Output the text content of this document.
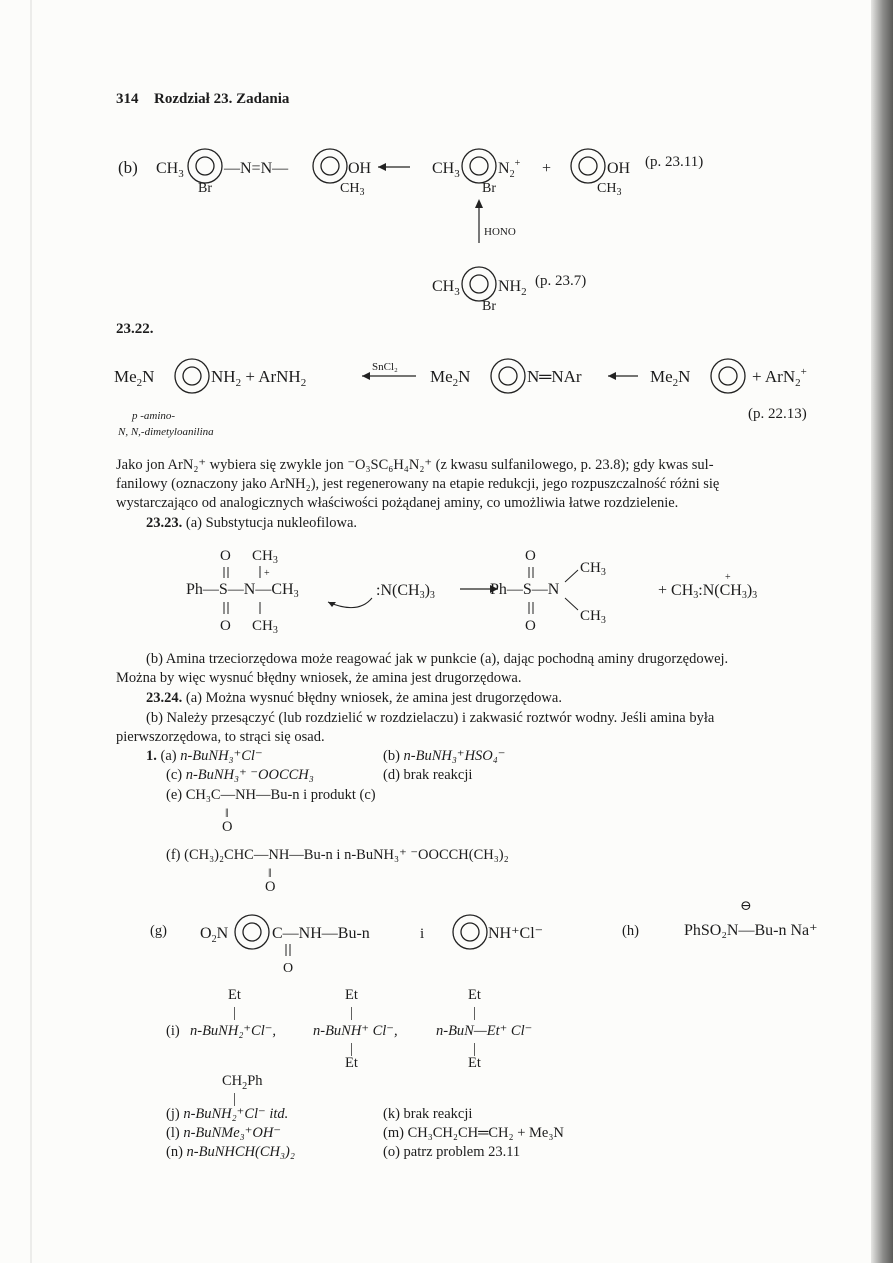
314 Rozdział 23. Zadania
(b) $CH_3$
Br
—N=N—	OH
$CH_3$
$CH_3$ $N_2^+$
Br
+	OH
$CH_3$
HONO
$CH_3$ $NH_2$
Br
(p. 23.11)
(p. 23.7)
23.22.
$Me_2N$	$NH_2$ + ArNH$_2$
SnCl₂ $Me_2N$	N═NAr	$Me_2N$	+ ArN$_2$+
p -amino-
N, N,-dimetyloanilina
(p. 22.13)
Jako jon ArN₂⁺ wybiera się zwykle jon ⁻O₃SC₆H₄N₂⁺ (z kwasu sulfanilowego, p. 23.8); gdy kwas sul-
fanilowy (oznaczony jako ArNH₂), jest regenerowany na etapie redukcji, jego rozpuszczalność różni się
wystarczająco od analogicznych właściwości pożądanej aminy, co umożliwia łatwe rozdzielenie.
23.23. (a) Substytucja nukleofilowa.
O $CH_3$
+
Ph—S—N—CH3	:N(CH3)3
O $CH_3$
O
Ph—S—N
$CH_3$
$CH_3$
O
+ CH3:N(CH3)3
+
(b) Amina trzeciorzędowa może reagować jak w punkcie (a), dając pochodną aminy drugorzędowej.
Można by więc wysnuć błędny wniosek, że amina jest drugorzędowa.
23.24. (a) Można wysnuć błędny wniosek, że amina jest drugorzędowa.
(b) Należy przesączyć (lub rozdzielić w rozdzielaczu) i zakwasić roztwór wodny. Jeśli amina była
pierwszorzędowa, to strąci się osad.
1. (a) n-BuNH₃⁺Cl⁻	(b) n-BuNH₃⁺HSO₄⁻
(c) n-BuNH₃⁺ ⁻OOCCH₃	(d) brak reakcji
(e) CH₃C—NH—Bu-n i produkt (c)
‖
O
(f) (CH₃)₂CHC—NH—Bu-n i n-BuNH₃⁺ ⁻OOCCH(CH₃)₂
‖
O
(g) $O_2N$	C—NH—Bu-n
O
i	NH⁺Cl⁻	(h)	PhSO₂N—Bu-n Na⁺
⊖
Et	Et	Et
|	|	|
(i) n-BuNH₂⁺Cl⁻,	n-BuNH⁺ Cl⁻,	n-BuN—Et⁺ Cl⁻
|	|
Et	Et
$CH_2Ph$
|
(j) n-BuNH₂⁺Cl⁻ itd.	(k) brak reakcji
(l) n-BuNMe₃⁺OH⁻	(m) CH₃CH₂CH═CH₂ + Me₃N
(n) n-BuNHCH(CH₃)₂	(o) patrz problem 23.11
